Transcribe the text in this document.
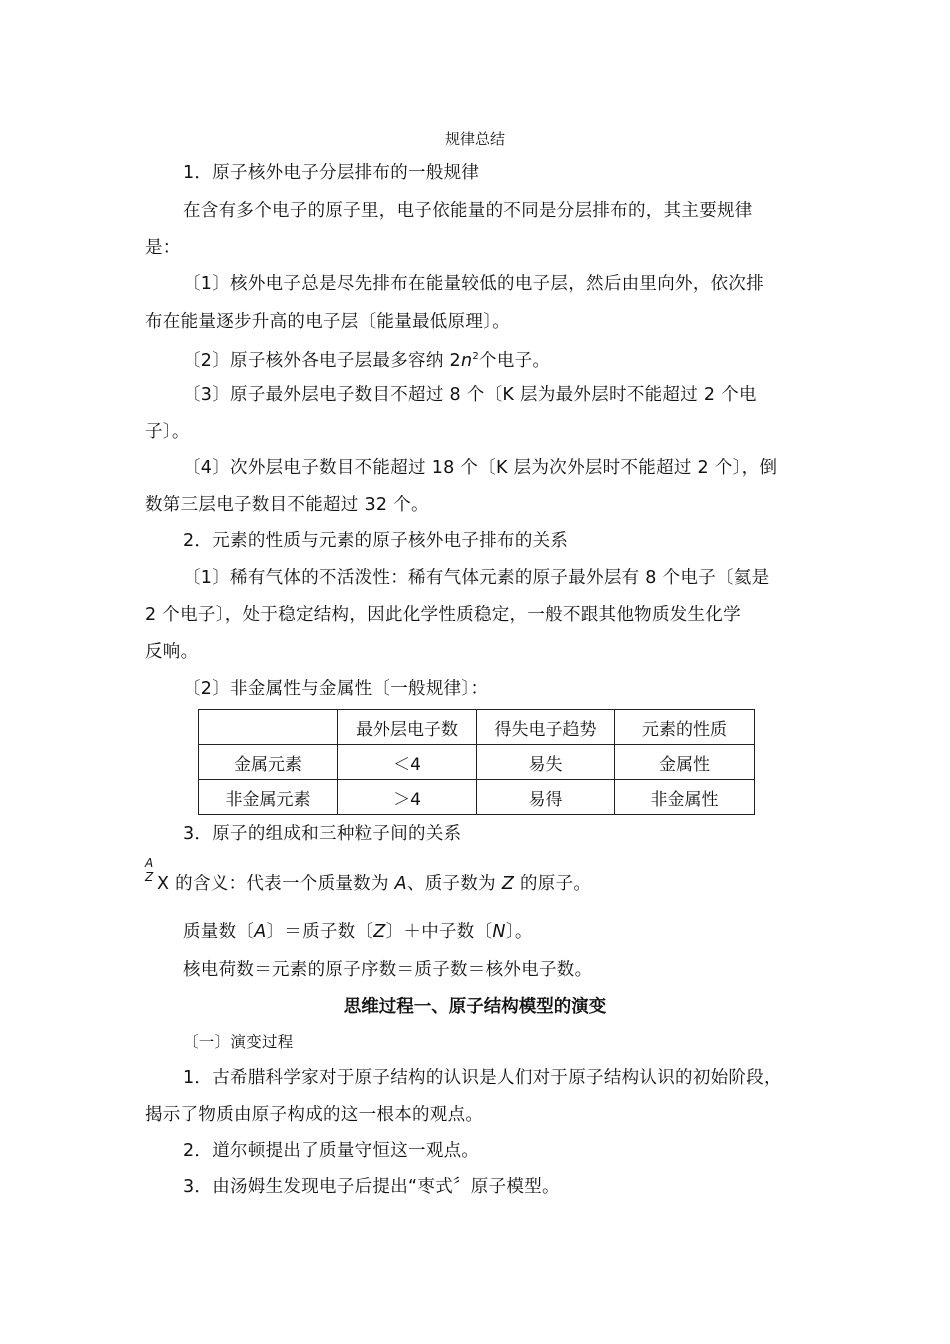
规律总结
1．原子核外电子分层排布的一般规律
在含有多个电子的原子里，电子依能量的不同是分层排布的，其主要规律
是：
〔1〕核外电子总是尽先排布在能量较低的电子层，然后由里向外，依次排
布在能量逐步升高的电子层〔能量最低原理〕。
〔2〕原子核外各电子层最多容纳 $2n^2$个电子。
〔3〕原子最外层电子数目不超过 8 个〔K 层为最外层时不能超过 2 个电
子〕。
〔4〕次外层电子数目不能超过 18 个〔K 层为次外层时不能超过 2 个〕，倒
数第三层电子数目不能超过 32 个。
2．元素的性质与元素的原子核外电子排布的关系
〔1〕稀有气体的不活泼性：稀有气体元素的原子最外层有 8 个电子〔氦是
2 个电子〕，处于稳定结构，因此化学性质稳定，一般不跟其他物质发生化学
反响。
〔2〕非金属性与金属性〔一般规律〕：
	最外层电子数	得失电子趋势	元素的性质
金属元素	＜4	易失	金属性
非金属元素	＞4	易得	非金属性
3．原子的组成和三种粒子间的关系
A
Z X 的含义：代表一个质量数为 A、质子数为 Z 的原子。
质量数〔A〕＝质子数〔Z〕＋中子数〔N〕。
核电荷数＝元素的原子序数＝质子数＝核外电子数。
思维过程一、原子结构模型的演变
〔一〕演变过程
1．古希腊科学家对于原子结构的认识是人们对于原子结构认识的初始阶段，
揭示了物质由原子构成的这一根本的观点。
2．道尔顿提出了质量守恒这一观点。
3．由汤姆生发现电子后提出“枣式〞原子模型。
